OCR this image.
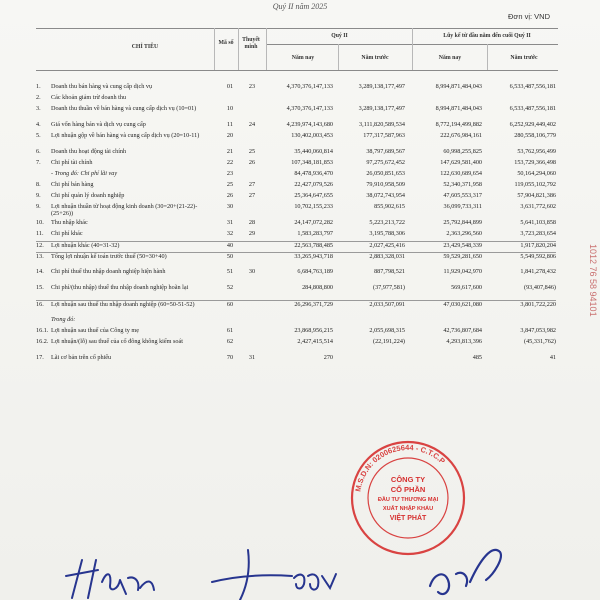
Quý II năm 2025
Đơn vị: VND
CHỈ TIÊU
Mã số	Thuyết minh
Quý II	Lũy kế từ đầu năm đến cuối Quý II
Năm nay	Năm trước	Năm nay	Năm trước
1.	Doanh thu bán hàng và cung cấp dịch vụ	01	23	4,370,376,147,133	3,289,138,177,497	8,994,871,484,043	6,533,487,556,181
2.	Các khoản giảm trừ doanh thu						
3.	Doanh thu thuần về bán hàng và cung cấp dịch vụ (10=01)	10		4,370,376,147,133	3,289,138,177,497	8,994,871,484,043	6,533,487,556,181
4.	Giá vốn hàng bán và dịch vụ cung cấp	11	24	4,239,974,143,680	3,111,820,589,534	8,772,194,499,882	6,252,929,449,402
5.	Lợi nhuận gộp về bán hàng và cung cấp dịch vụ (20=10-11)	20		130,402,003,453	177,317,587,963	222,676,984,161	280,558,106,779
6.	Doanh thu hoạt động tài chính	21	25	35,440,060,814	38,797,689,567	60,998,255,825	53,762,956,499
7.	Chi phí tài chính	22	26	107,348,181,853	97,275,672,452	147,629,581,400	153,729,366,498
	- Trong đó: Chi phí lãi vay	23		84,478,936,470	26,050,851,653	122,630,689,654	50,164,294,060
8.	Chi phí bán hàng	25	27	22,427,079,526	79,910,958,509	52,340,371,958	119,055,102,792
9.	Chi phí quản lý doanh nghiệp	26	27	25,364,647,655	38,072,743,954	47,605,553,317	57,904,821,386
9.	Lợi nhuận thuần từ hoạt động kinh doanh (30=20+(21-22)-(25+26))	30		10,702,155,233	855,902,615	36,099,733,311	3,631,772,602
10.	Thu nhập khác	31	28	24,147,072,282	5,223,213,722	25,792,844,899	5,641,103,858
11.	Chi phí khác	32	29	1,583,283,797	3,195,788,306	2,363,296,560	3,723,283,654
12.	Lợi nhuận khác (40=31-32)	40		22,563,788,485	2,027,425,416	23,429,548,339	1,917,820,204
13.	Tổng lợi nhuận kế toán trước thuế (50=30+40)	50		33,265,943,718	2,883,328,031	59,529,281,650	5,549,592,806
14.	Chi phí thuế thu nhập doanh nghiệp hiện hành	51	30	6,684,763,189	887,798,521	11,929,042,970	1,841,278,432
15.	Chi phí/(thu nhập) thuế thu nhập doanh nghiệp hoãn lại	52		284,808,800	(37,977,581)	569,617,600	(93,407,846)
16.	Lợi nhuận sau thuế thu nhập doanh nghiệp (60=50-51-52)	60		26,296,371,729	2,033,507,091	47,030,621,080	3,801,722,220
	Trong đó:						
16.1.	Lợi nhuận sau thuế của Công ty mẹ	61		23,868,956,215	2,055,698,315	42,736,807,684	3,847,053,982
16.2.	Lợi nhuận/(lỗ) sau thuế của cổ đông không kiểm soát	62		2,427,415,514	(22,191,224)	4,293,813,396	(45,331,762)
17.	Lãi cơ bản trên cổ phiếu	70	31	270		485	41
1012 76 58 94101
M.S.D.N: 0200625644 - C.T.C.P
CÔNG TY
CỔ PHẦN
ĐẦU TƯ THƯƠNG MẠI
XUẤT NHẬP KHẨU
VIỆT PHÁT
